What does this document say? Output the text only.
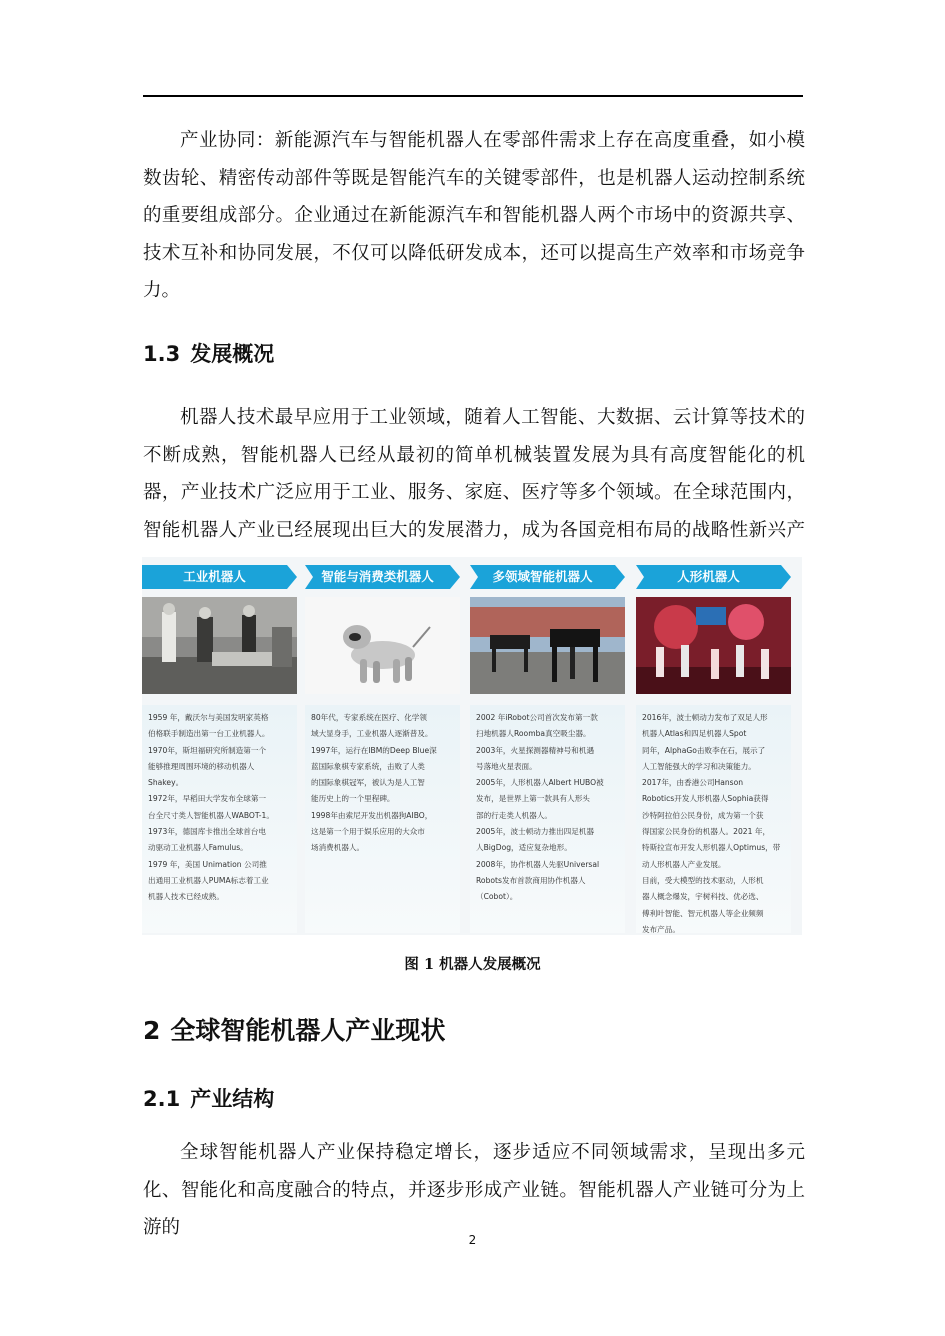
产业协同：新能源汽车与智能机器人在零部件需求上存在高度重叠，如小模数齿轮、精密传动部件等既是智能汽车的关键零部件，也是机器人运动控制系统的重要组成部分。企业通过在新能源汽车和智能机器人两个市场中的资源共享、技术互补和协同发展，不仅可以降低研发成本，还可以提高生产效率和市场竞争力。

1.3 发展概况

机器人技术最早应用于工业领域，随着人工智能、大数据、云计算等技术的不断成熟，智能机器人已经从最初的简单机械装置发展为具有高度智能化的机器，产业技术广泛应用于工业、服务、家庭、医疗等多个领域。在全球范围内，智能机器人产业已经展现出巨大的发展潜力，成为各国竞相布局的战略性新兴产

工业机器人

1959 年，戴沃尔与美国发明家英格
伯格联手制造出第一台工业机器人。
1970年，斯坦福研究所制造第一个
能够推理周围环境的移动机器人
Shakey。
1972年，早稻田大学发布全球第一
台全尺寸类人智能机器人WABOT-1。
1973年，德国库卡推出全球首台电
动驱动工业机器人Famulus。
1979 年，美国 Unimation 公司推
出通用工业机器人PUMA标志着工业
机器人技术已经成熟。

智能与消费类机器人

80年代，专家系统在医疗、化学领
域大显身手，工业机器人逐渐普及。
1997年，运行在IBM的Deep Blue深
蓝国际象棋专家系统，击败了人类
的国际象棋冠军，被认为是人工智
能历史上的一个里程碑。
1998年由索尼开发出机器狗AIBO，
这是第一个用于娱乐应用的大众市
场消费机器人。

多领域智能机器人

2002 年iRobot公司首次发布第一款
扫地机器人Roomba真空吸尘器。
2003年，火星探测器精神号和机遇
号落地火星表面。
2005年，人形机器人Albert HUBO被
发布，是世界上第一款具有人形头
部的行走类人机器人。
2005年，波士顿动力推出四足机器
人BigDog，适应复杂地形。
2008年，协作机器人先驱Universal
Robots发布首款商用协作机器人
（Cobot）。

人形机器人

2016年，波士顿动力发布了双足人形
机器人Atlas和四足机器人Spot
同年，AlphaGo击败李在石，展示了
人工智能强大的学习和决策能力。
2017年，由香港公司Hanson
Robotics开发人形机器人Sophia获得
沙特阿拉伯公民身份，成为第一个获
得国家公民身份的机器人。2021 年，
特斯拉宣布开发人形机器人Optimus，带
动人形机器人产业发展。
目前，受大模型的技术驱动，人形机
器人概念爆发，宇树科技、优必选、
傅利叶智能、智元机器人等企业频频
发布产品。

图 1 机器人发展概况
2 全球智能机器人产业现状
2.1 产业结构

全球智能机器人产业保持稳定增长，逐步适应不同领域需求，呈现出多元化、智能化和高度融合的特点，并逐步形成产业链。智能机器人产业链可分为上游的

2
